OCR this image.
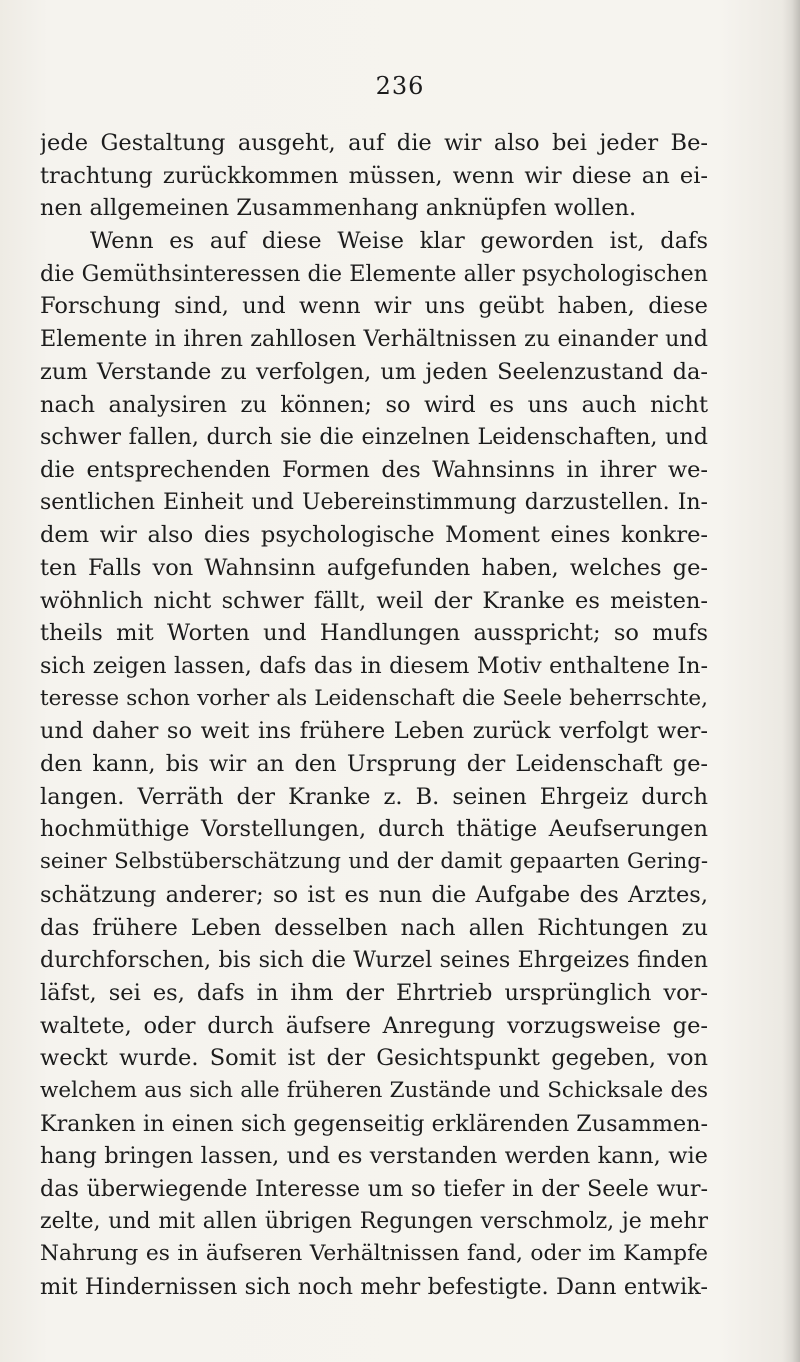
236
jede Gestaltung ausgeht, auf die wir also bei jeder Be-
trachtung zurückkommen müssen, wenn wir diese an ei-
nen allgemeinen Zusammenhang anknüpfen wollen.
Wenn es auf diese Weise klar geworden ist, dafs
die Gemüthsinteressen die Elemente aller psychologischen
Forschung sind, und wenn wir uns geübt haben, diese
Elemente in ihren zahllosen Verhältnissen zu einander und
zum Verstande zu verfolgen, um jeden Seelenzustand da-
nach analysiren zu können; so wird es uns auch nicht
schwer fallen, durch sie die einzelnen Leidenschaften, und
die entsprechenden Formen des Wahnsinns in ihrer we-
sentlichen Einheit und Uebereinstimmung darzustellen. In-
dem wir also dies psychologische Moment eines konkre-
ten Falls von Wahnsinn aufgefunden haben, welches ge-
wöhnlich nicht schwer fällt, weil der Kranke es meisten-
theils mit Worten und Handlungen ausspricht; so mufs
sich zeigen lassen, dafs das in diesem Motiv enthaltene In-
teresse schon vorher als Leidenschaft die Seele beherrschte,
und daher so weit ins frühere Leben zurück verfolgt wer-
den kann, bis wir an den Ursprung der Leidenschaft ge-
langen. Verräth der Kranke z. B. seinen Ehrgeiz durch
hochmüthige Vorstellungen, durch thätige Aeufserungen
seiner Selbstüberschätzung und der damit gepaarten Gering-
schätzung anderer; so ist es nun die Aufgabe des Arztes,
das frühere Leben desselben nach allen Richtungen zu
durchforschen, bis sich die Wurzel seines Ehrgeizes finden
läfst, sei es, dafs in ihm der Ehrtrieb ursprünglich vor-
waltete, oder durch äufsere Anregung vorzugsweise ge-
weckt wurde. Somit ist der Gesichtspunkt gegeben, von
welchem aus sich alle früheren Zustände und Schicksale des
Kranken in einen sich gegenseitig erklärenden Zusammen-
hang bringen lassen, und es verstanden werden kann, wie
das überwiegende Interesse um so tiefer in der Seele wur-
zelte, und mit allen übrigen Regungen verschmolz, je mehr
Nahrung es in äufseren Verhältnissen fand, oder im Kampfe
mit Hindernissen sich noch mehr befestigte. Dann entwik-
